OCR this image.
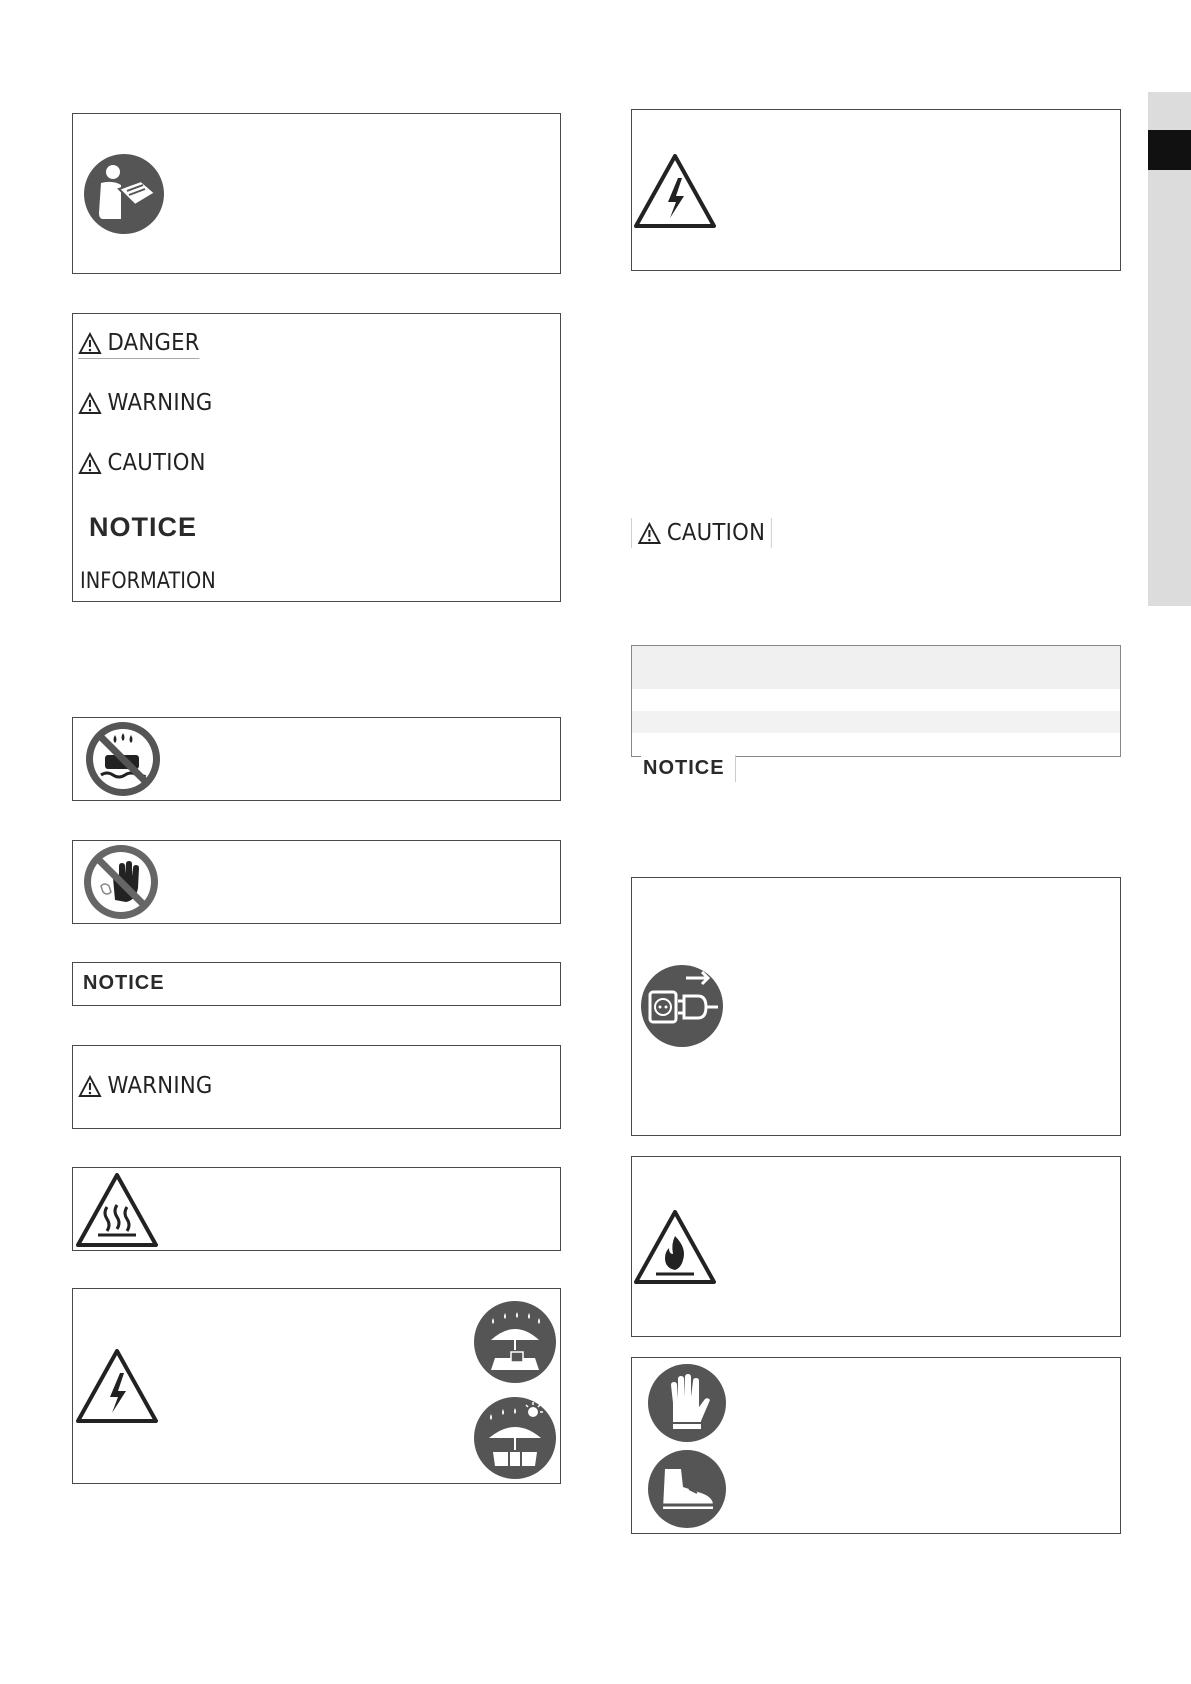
DANGER
WARNING
CAUTION
NOTICE
INFORMATION
NOTICE
WARNING
CAUTION
NOTICE
